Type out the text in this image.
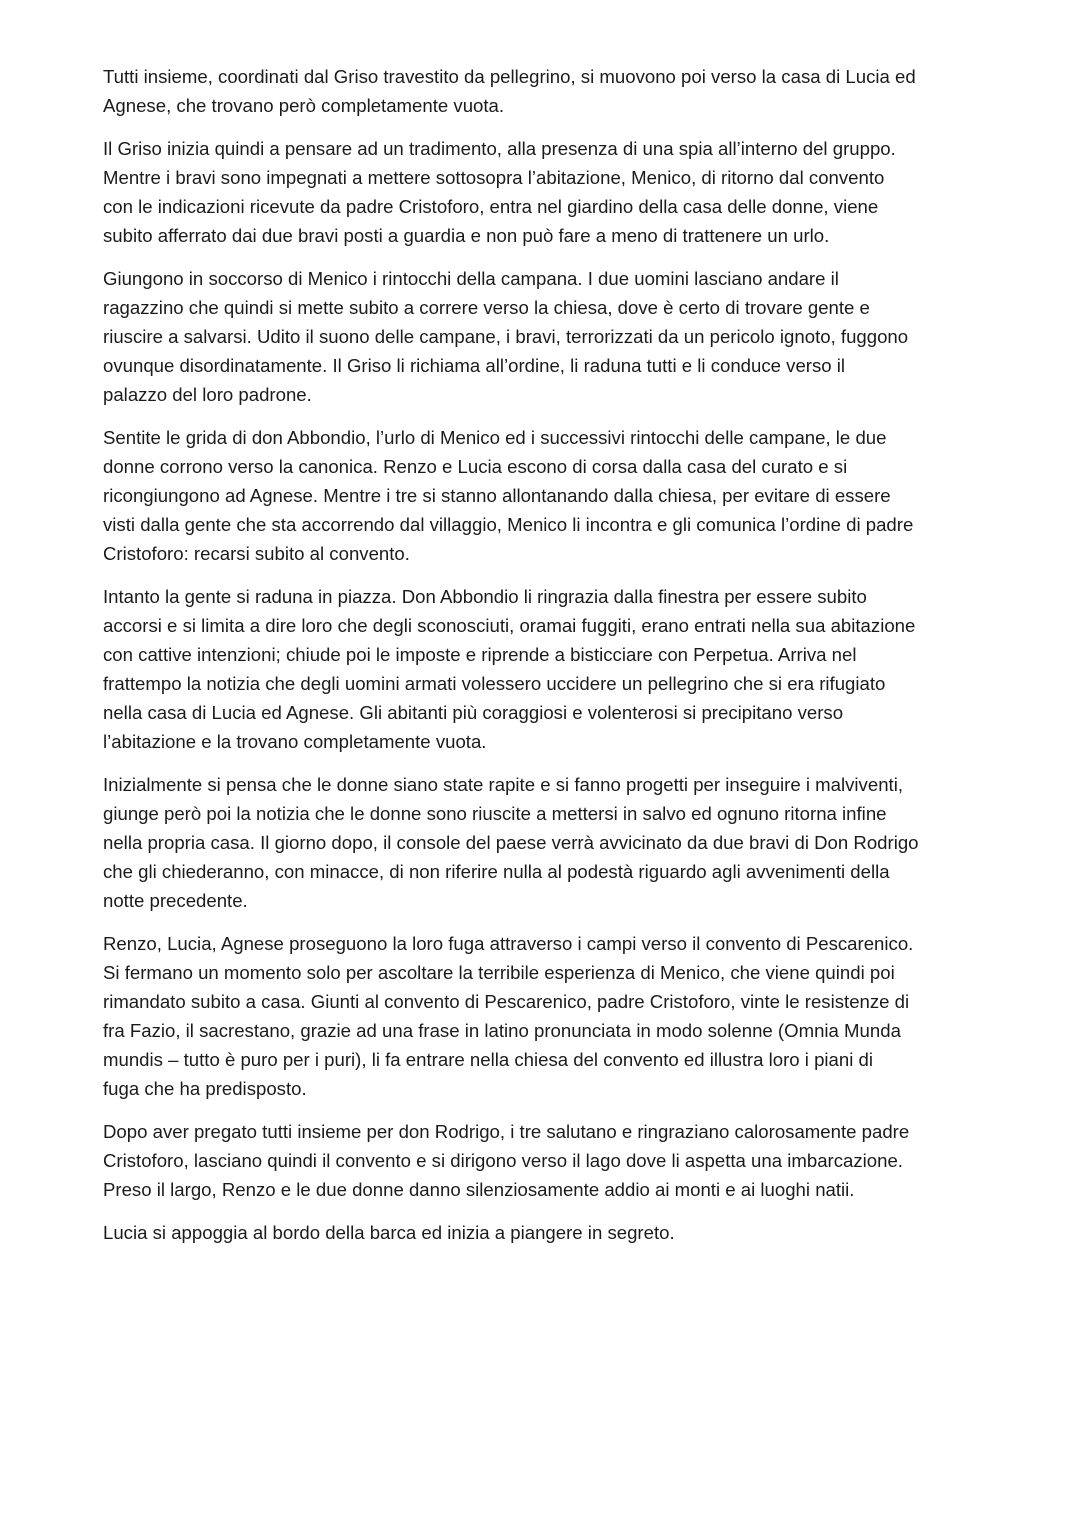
Tutti insieme, coordinati dal Griso travestito da pellegrino, si muovono poi verso la casa di Lucia ed
Agnese, che trovano però completamente vuota.

Il Griso inizia quindi a pensare ad un tradimento, alla presenza di una spia all’interno del gruppo.
Mentre i bravi sono impegnati a mettere sottosopra l’abitazione, Menico, di ritorno dal convento
con le indicazioni ricevute da padre Cristoforo, entra nel giardino della casa delle donne, viene
subito afferrato dai due bravi posti a guardia e non può fare a meno di trattenere un urlo.

Giungono in soccorso di Menico i rintocchi della campana. I due uomini lasciano andare il
ragazzino che quindi si mette subito a correre verso la chiesa, dove è certo di trovare gente e
riuscire a salvarsi. Udito il suono delle campane, i bravi, terrorizzati da un pericolo ignoto, fuggono
ovunque disordinatamente. Il Griso li richiama all’ordine, li raduna tutti e li conduce verso il
palazzo del loro padrone.

Sentite le grida di don Abbondio, l’urlo di Menico ed i successivi rintocchi delle campane, le due
donne corrono verso la canonica. Renzo e Lucia escono di corsa dalla casa del curato e si
ricongiungono ad Agnese. Mentre i tre si stanno allontanando dalla chiesa, per evitare di essere
visti dalla gente che sta accorrendo dal villaggio, Menico li incontra e gli comunica l’ordine di padre
Cristoforo: recarsi subito al convento.

Intanto la gente si raduna in piazza. Don Abbondio li ringrazia dalla finestra per essere subito
accorsi e si limita a dire loro che degli sconosciuti, oramai fuggiti, erano entrati nella sua abitazione
con cattive intenzioni; chiude poi le imposte e riprende a bisticciare con Perpetua. Arriva nel
frattempo la notizia che degli uomini armati volessero uccidere un pellegrino che si era rifugiato
nella casa di Lucia ed Agnese. Gli abitanti più coraggiosi e volenterosi si precipitano verso
l’abitazione e la trovano completamente vuota.

Inizialmente si pensa che le donne siano state rapite e si fanno progetti per inseguire i malviventi,
giunge però poi la notizia che le donne sono riuscite a mettersi in salvo ed ognuno ritorna infine
nella propria casa. Il giorno dopo, il console del paese verrà avvicinato da due bravi di Don Rodrigo
che gli chiederanno, con minacce, di non riferire nulla al podestà riguardo agli avvenimenti della
notte precedente.

Renzo, Lucia, Agnese proseguono la loro fuga attraverso i campi verso il convento di Pescarenico.
Si fermano un momento solo per ascoltare la terribile esperienza di Menico, che viene quindi poi
rimandato subito a casa. Giunti al convento di Pescarenico, padre Cristoforo, vinte le resistenze di
fra Fazio, il sacrestano, grazie ad una frase in latino pronunciata in modo solenne (Omnia Munda
mundis – tutto è puro per i puri), li fa entrare nella chiesa del convento ed illustra loro i piani di
fuga che ha predisposto.

Dopo aver pregato tutti insieme per don Rodrigo, i tre salutano e ringraziano calorosamente padre
Cristoforo, lasciano quindi il convento e si dirigono verso il lago dove li aspetta una imbarcazione.
Preso il largo, Renzo e le due donne danno silenziosamente addio ai monti e ai luoghi natii.

Lucia si appoggia al bordo della barca ed inizia a piangere in segreto.
